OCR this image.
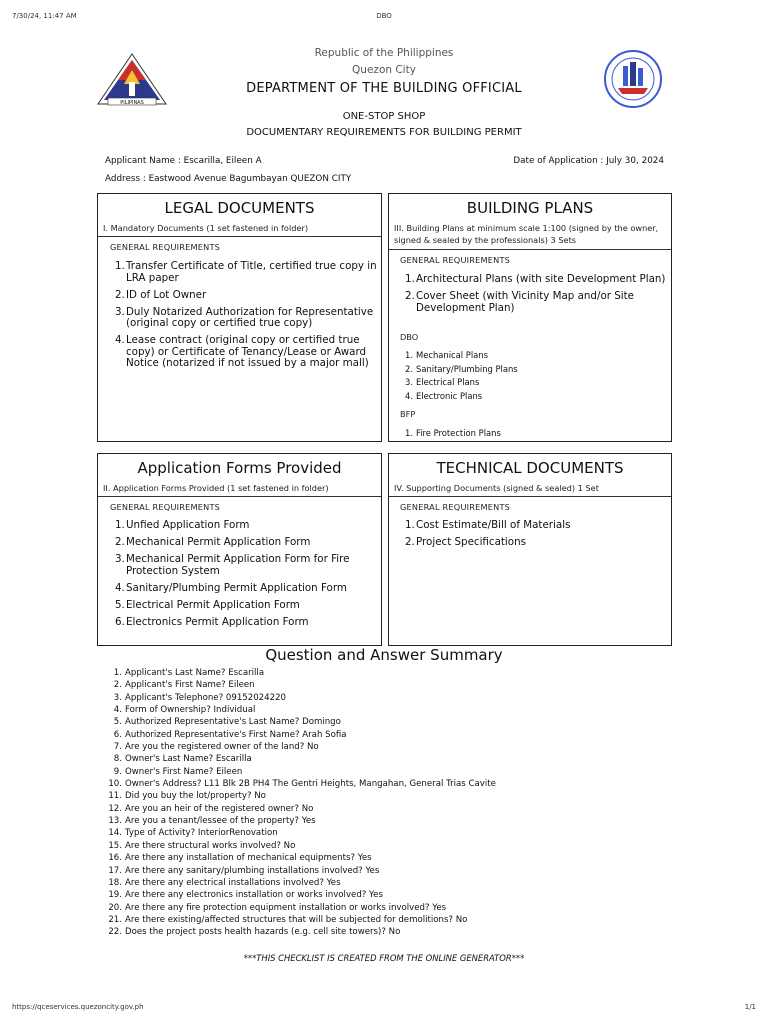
7/30/24, 11:47 AM	DBO
PILIPINAS
Republic of the Philippines
Quezon City
DEPARTMENT OF THE BUILDING OFFICIAL
ONE-STOP SHOP
DOCUMENTARY REQUIREMENTS FOR BUILDING PERMIT
Applicant Name : Escarilla, Eileen A	Date of Application : July 30, 2024
Address : Eastwood Avenue Bagumbayan QUEZON CITY
LEGAL DOCUMENTS
I. Mandatory Documents (1 set fastened in folder)
GENERAL REQUIREMENTS
1. Transfer Certificate of Title, certified true copy in LRA paper
2. ID of Lot Owner
3. Duly Notarized Authorization for Representative (original copy or certified true copy)
4. Lease contract (original copy or certified true copy) or Certificate of Tenancy/Lease or Award Notice (notarized if not issued by a major mall)
BUILDING PLANS
III. Building Plans at minimum scale 1:100 (signed by the owner, signed & sealed by the professionals) 3 Sets
GENERAL REQUIREMENTS
1. Architectural Plans (with site Development Plan)
2. Cover Sheet (with Vicinity Map and/or Site Development Plan)
DBO
1. Mechanical Plans
2. Sanitary/Plumbing Plans
3. Electrical Plans
4. Electronic Plans
BFP
1. Fire Protection Plans
Application Forms Provided
II. Application Forms Provided (1 set fastened in folder)
GENERAL REQUIREMENTS
1. Unfied Application Form
2. Mechanical Permit Application Form
3. Mechanical Permit Application Form for Fire Protection System
4. Sanitary/Plumbing Permit Application Form
5. Electrical Permit Application Form
6. Electronics Permit Application Form
TECHNICAL DOCUMENTS
IV. Supporting Documents (signed & sealed) 1 Set
GENERAL REQUIREMENTS
1. Cost Estimate/Bill of Materials
2. Project Specifications
Question and Answer Summary
1. Applicant's Last Name? Escarilla
2. Applicant's First Name? Eileen
3. Applicant's Telephone? 09152024220
4. Form of Ownership? Individual
5. Authorized Representative's Last Name? Domingo
6. Authorized Representative's First Name? Arah Sofia
7. Are you the registered owner of the land? No
8. Owner's Last Name? Escarilla
9. Owner's First Name? Eileen
10. Owner's Address? L11 Blk 2B PH4 The Gentri Heights, Mangahan, General Trias Cavite
11. Did you buy the lot/property? No
12. Are you an heir of the registered owner? No
13. Are you a tenant/lessee of the property? Yes
14. Type of Activity? InteriorRenovation
15. Are there structural works involved? No
16. Are there any installation of mechanical equipments? Yes
17. Are there any sanitary/plumbing installations involved? Yes
18. Are there any electrical installations involved? Yes
19. Are there any electronics installation or works involved? Yes
20. Are there any fire protection equipment installation or works involved? Yes
21. Are there existing/affected structures that will be subjected for demolitions? No
22. Does the project posts health hazards (e.g. cell site towers)? No
***THIS CHECKLIST IS CREATED FROM THE ONLINE GENERATOR***
https://qceservices.quezoncity.gov.ph	1/1
